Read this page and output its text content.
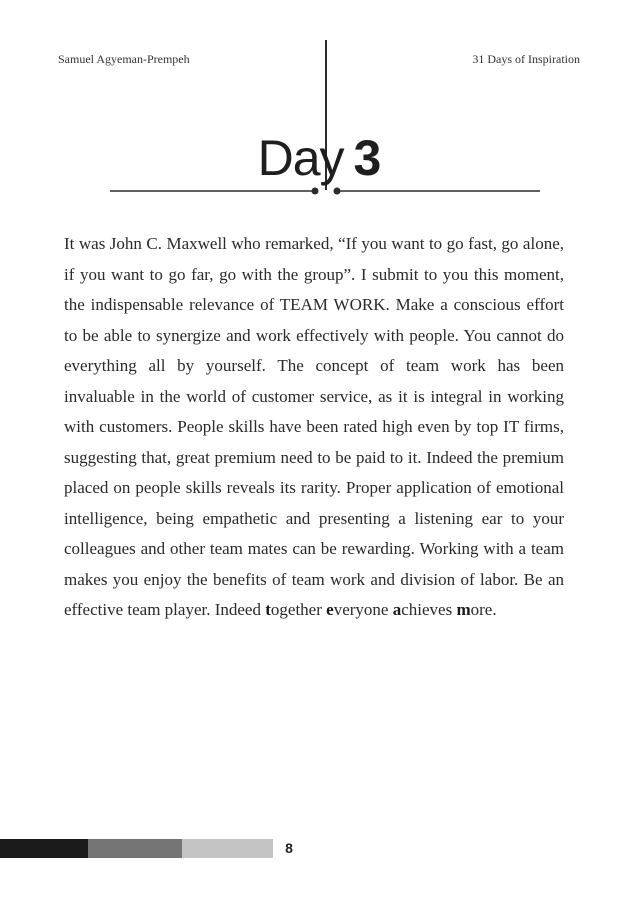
Samuel Agyeman-Prempeh	31 Days of Inspiration
Day 3

It was John C. Maxwell who remarked, “If you want to go fast, go alone, if you want to go far, go with the group”. I submit to you this moment, the indispensable relevance of TEAM WORK. Make a conscious effort to be able to synergize and work effectively with people. You cannot do everything all by yourself. The concept of team work has been invaluable in the world of customer service, as it is integral in working with customers. People skills have been rated high even by top IT firms, suggesting that, great premium need to be paid to it. Indeed the premium placed on people skills reveals its rarity. Proper application of emotional intelligence, being empathetic and presenting a listening ear to your colleagues and other team mates can be rewarding. Working with a team makes you enjoy the benefits of team work and division of labor. Be an effective team player. Indeed together everyone achieves more.

8
